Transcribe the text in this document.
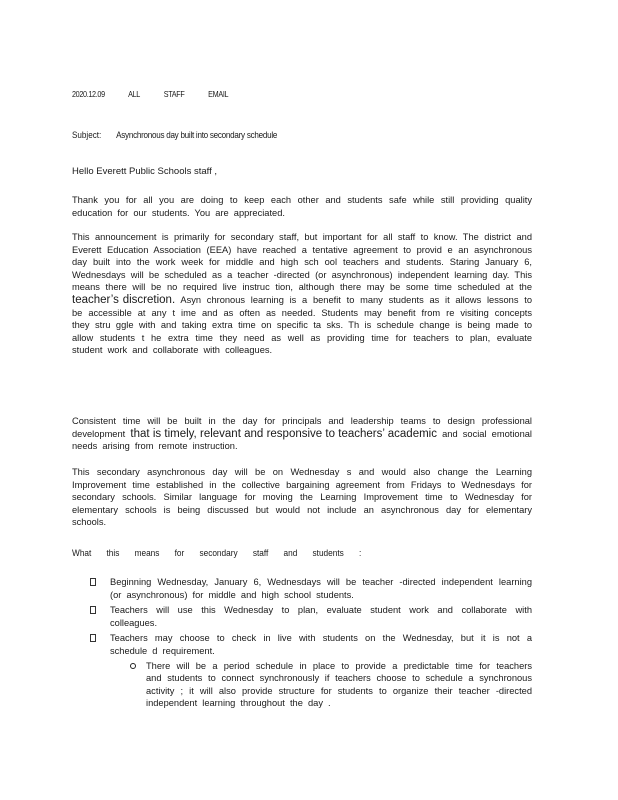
2020.12.09	ALL	STAFF	EMAIL
Subject: Asynchronous day built into secondary schedule
Hello Everett Public Schools staff ,
Thank you for all you are doing to keep each other and students safe while still providing quality education for our students. You are appreciated.
This announcement is primarily for secondary staff, but important for all staff to know. The district and Everett Education Association (EEA) have reached a tentative agreement to provid e an asynchronous day built into the work week for middle and high sch ool teachers and students. Staring January 6, Wednesdays will be scheduled as a teacher -directed (or asynchronous) independent learning day. This means there will be no required live instruc tion, although there may be some time scheduled at the teacher’s discretion. Asyn chronous learning is a benefit to many students as it allows lessons to be accessible at any t ime and as often as needed. Students may benefit from re visiting concepts they stru ggle with and taking extra time on specific ta sks. Th is schedule change is being made to allow students t he extra time they need as well as providing time for teachers to plan, evaluate student work and collaborate with colleagues.
Consistent time will be built in the day for principals and leadership teams to design professional development that is timely, relevant and responsive to teachers’ academic and social emotional needs arising from remote instruction.
This secondary asynchronous day will be on Wednesday s and would also change the Learning Improvement time established in the collective bargaining agreement from Fridays to Wednesdays for secondary schools. Similar language for moving the Learning Improvement time to Wednesday for elementary schools is being discussed but would not include an asynchronous day for elementary schools.
What this means for secondary staff and students :
Beginning Wednesday, January 6, Wednesdays will be teacher -directed independent learning (or asynchronous) for middle and high school students.
Teachers will use this Wednesday to plan, evaluate student work and collaborate with colleagues.
Teachers may choose to check in live with students on the Wednesday, but it is not a schedule d requirement.
There will be a period schedule in place to provide a predictable time for teachers and students to connect synchronously if teachers choose to schedule a synchronous activity ; it will also provide structure for students to organize their teacher -directed independent learning throughout the day .
